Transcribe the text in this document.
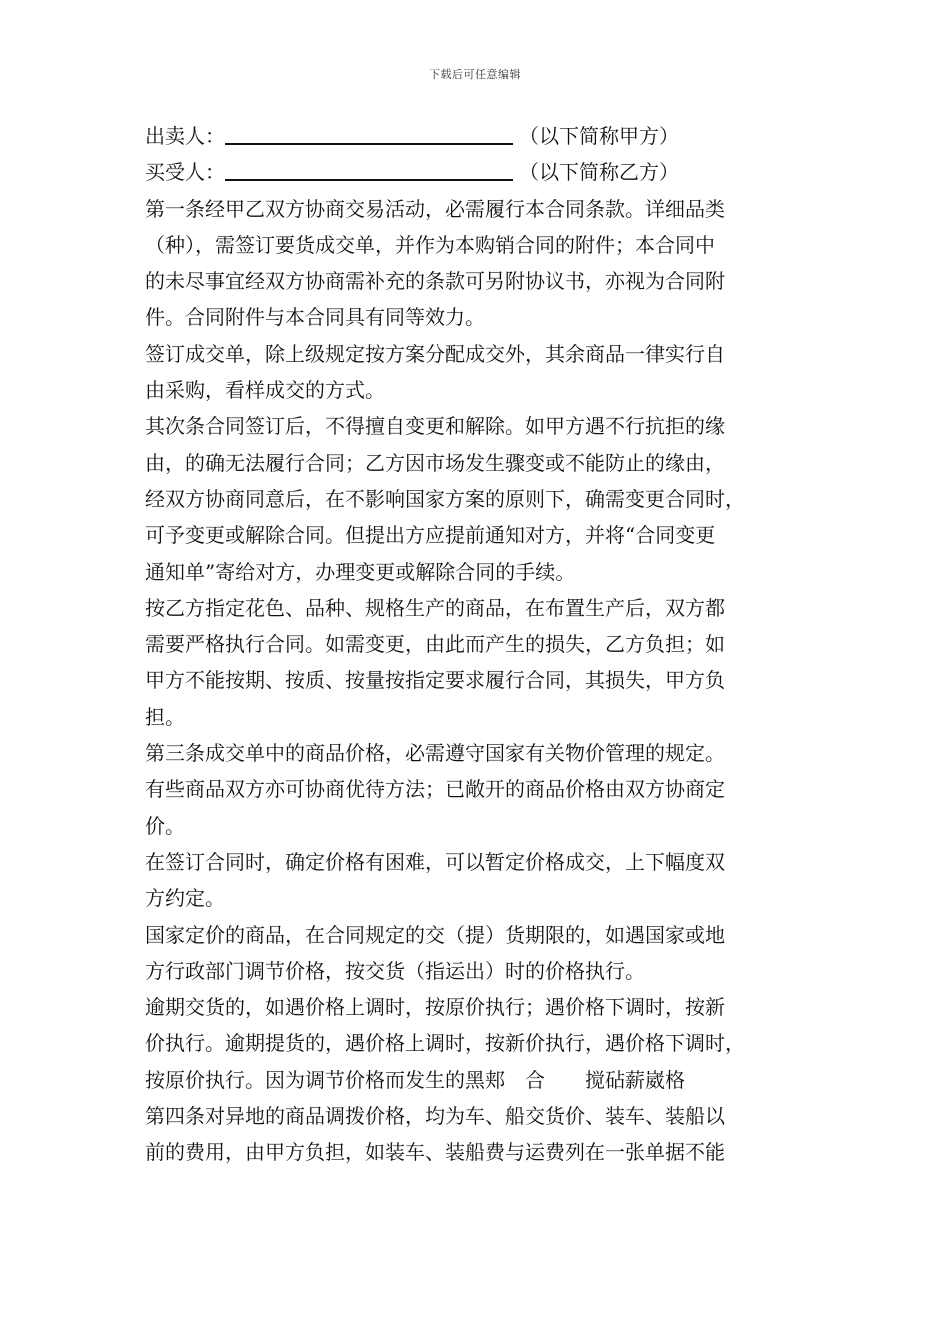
下载后可任意编辑
出卖人：	（以下简称甲方）
买受人：	（以下简称乙方）
第一条经甲乙双方协商交易活动，必需履行本合同条款。详细品类
（种），需签订要货成交单，并作为本购销合同的附件；本合同中
的未尽事宜经双方协商需补充的条款可另附协议书，亦视为合同附
件。合同附件与本合同具有同等效力。
签订成交单，除上级规定按方案分配成交外，其余商品一律实行自
由采购，看样成交的方式。
其次条合同签订后，不得擅自变更和解除。如甲方遇不行抗拒的缘
由，的确无法履行合同；乙方因市场发生骤变或不能防止的缘由，
经双方协商同意后，在不影响国家方案的原则下，确需变更合同时，
可予变更或解除合同。但提出方应提前通知对方，并将“合同变更
通知单”寄给对方，办理变更或解除合同的手续。
按乙方指定花色、品种、规格生产的商品，在布置生产后，双方都
需要严格执行合同。如需变更，由此而产生的损失，乙方负担；如
甲方不能按期、按质、按量按指定要求履行合同，其损失，甲方负
担。
第三条成交单中的商品价格，必需遵守国家有关物价管理的规定。
有些商品双方亦可协商优待方法；已敞开的商品价格由双方协商定
价。
在签订合同时，确定价格有困难，可以暂定价格成交，上下幅度双
方约定。
国家定价的商品，在合同规定的交（提）货期限的，如遇国家或地
方行政部门调节价格，按交货（指运出）时的价格执行。
逾期交货的，如遇价格上调时，按原价执行；遇价格下调时，按新
价执行。逾期提货的，遇价格上调时，按新价执行，遇价格下调时，
按原价执行。因为调节价格而发生的黑郏　合　　搅砧薪崴格
第四条对异地的商品调拨价格，均为车、船交货价、装车、装船以
前的费用，由甲方负担，如装车、装船费与运费列在一张单据不能
